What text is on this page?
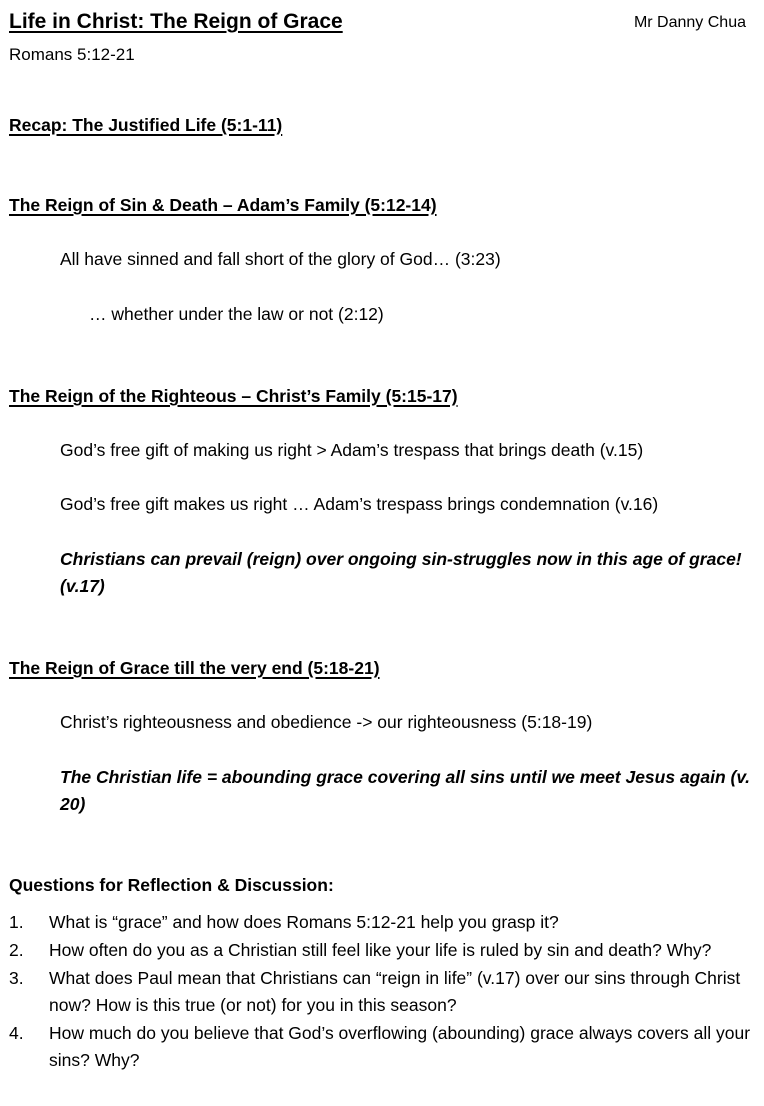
Life in Christ: The Reign of Grace	Mr Danny Chua
Romans 5:12-21
Recap: The Justified Life (5:1-11)
The Reign of Sin & Death – Adam’s Family (5:12-14)
All have sinned and fall short of the glory of God… (3:23)
… whether under the law or not (2:12)
The Reign of the Righteous – Christ’s Family (5:15-17)
God’s free gift of making us right > Adam’s trespass that brings death (v.15)
God’s free gift makes us right … Adam’s trespass brings condemnation (v.16)
Christians can prevail (reign) over ongoing sin-struggles now in this age of grace! (v.17)
The Reign of Grace till the very end (5:18-21)
Christ’s righteousness and obedience -> our righteousness (5:18-19)
The Christian life = abounding grace covering all sins until we meet Jesus again (v. 20)
Questions for Reflection & Discussion:
1.	What is “grace” and how does Romans 5:12-21 help you grasp it?
2.	How often do you as a Christian still feel like your life is ruled by sin and death? Why?
3.	What does Paul mean that Christians can “reign in life” (v.17) over our sins through Christ now? How is this true (or not) for you in this season?
4.	How much do you believe that God’s overflowing (abounding) grace always covers all your sins? Why?
